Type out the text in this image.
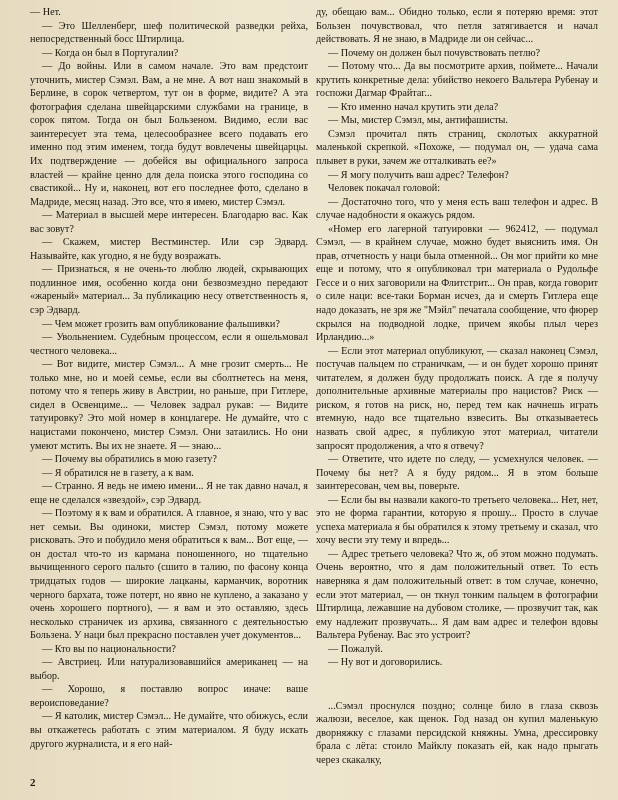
— Нет.

— Это Шелленберг, шеф политической разведки рейха, непосредственный босс Штирлица.

— Когда он был в Португалии?

— До войны. Или в самом начале. Это вам предстоит уточнить, мистер Сэмэл. Вам, а не мне. А вот наш знакомый в Берлине, в сорок четвертом, тут он в форме, видите? А эта фотография сделана швейцарскими службами на границе, в сорок пятом. Тогда он был Бользеном. Видимо, если вас заинтересует эта тема, целесообразнее всего подавать его именно под этим именем, тогда будут вовлечены швейцарцы. Их подтверждение — добейся вы официального запроса властей — крайне ценно для дела поиска этого господина со свастикой... Ну и, наконец, вот его последнее фото, сделано в Мадриде, месяц назад. Это все, что я имею, мистер Сэмэл.

— Материал в высшей мере интересен. Благодарю вас. Как вас зовут?

— Скажем, мистер Вестминстер. Или сэр Эдвард. Называйте, как угодно, я не буду возражать.

— Признаться, я не очень-то люблю людей, скрывающих подлинное имя, особенно когда они безвозмездно передают «жареный» материал... За публикацию несу ответственность я, сэр Эдвард.

— Чем может грозить вам опубликование фальшивки?

— Увольнением. Судебным процессом, если я ошельмовал честного человека...

— Вот видите, мистер Сэмэл... А мне грозит смерть... Не только мне, но и моей семье, если вы сболтнетесь на меня, потому что я теперь живу в Австрии, но раньше, при Гитлере, сидел в Освенциме... — Человек задрал рукав: — Видите татуировку? Это мой номер в концлагере. Не думайте, что с нацистами покончено, мистер Сэмэл. Они затаились. Но они умеют мстить. Вы их не знаете. Я — знаю...

— Почему вы обратились в мою газету?

— Я обратился не в газету, а к вам.

— Странно. Я ведь не имею имени... Я не так давно начал, я еще не сделался «звездой», сэр Эдвард.

— Поэтому я к вам и обратился. А главное, я знаю, что у вас нет семьи. Вы одиноки, мистер Сэмэл, потому можете рисковать. Это и побудило меня обратиться к вам... Вот еще, — он достал что-то из кармана поношенного, но тщательно вычищенного серого пальто (сшито в талию, по фасону конца тридцатых годов — широкие лацканы, карманчик, воротник черного бархата, тоже потерт, но явно не куплено, а заказано у очень хорошего портного), — я вам и это оставляю, здесь несколько страничек из архива, связанного с деятельностью Бользена. У наци был прекрасно поставлен учет документов...

— Кто вы по национальности?

— Австриец. Или натурализовавшийся американец — на выбор.

— Хорошо, я поставлю вопрос иначе: ваше вероисповедание?

— Я католик, мистер Сэмэл... Не думайте, что обижусь, если вы откажетесь работать с этим материалом. Я буду искать другого журналиста, и я его най-

ду, обещаю вам... Обидно только, если я потеряю время: этот Бользен почувствовал, что петля затягивается и начал действовать. Я не знаю, в Мадриде ли он сейчас...

— Почему он должен был почувствовать петлю?

— Потому что... Да вы посмотрите архив, поймете... Начали крутить конкретные дела: убийство некоего Вальтера Рубенау и госпожи Дагмар Фрайтаг...

— Кто именно начал крутить эти дела?

— Мы, мистер Сэмэл, мы, антифашисты.

Сэмэл прочитал пять страниц, сколотых аккуратной маленькой скрепкой. «Похоже, — подумал он, — удача сама плывет в руки, зачем же отталкивать ее?»

— Я могу получить ваш адрес? Телефон?

Человек покачал головой:

— Достаточно того, что у меня есть ваш телефон и адрес. В случае надобности я окажусь рядом.

«Номер его лагерной татуировки — 962412, — подумал Сэмэл, — в крайнем случае, можно будет выяснить имя. Он прав, отчетность у наци была отменной... Он мог прийти ко мне еще и потому, что я опубликовал три материала о Рудольфе Гессе и о них заговорили на Флитстрит... Он прав, когда говорит о силе наци: все-таки Борман исчез, да и смерть Гитлера еще надо доказать, не зря же "Мэйл" печатала сообщение, что фюрер скрылся на подводной лодке, причем якобы плыл через Ирландию...»

— Если этот материал опубликуют, — сказал наконец Сэмэл, постучав пальцем по страничкам, — и он будет хорошо принят читателем, я должен буду продолжать поиск. А где я получу дополнительные архивные материалы про нацистов? Риск — риском, я готов на риск, но, перед тем как начнешь играть втемную, надо все тщательно взвесить. Вы отказываетесь назвать свой адрес, я публикую этот материал, читатели запросят продолжения, а что я отвечу?

— Ответите, что идете по следу, — усмехнулся человек. — Почему бы нет? А я буду рядом... Я в этом больше заинтересован, чем вы, поверьте.

— Если бы вы назвали какого-то третьего человека... Нет, нет, это не форма гарантии, которую я прошу... Просто в случае успеха материала я бы обратился к этому третьему и сказал, что хочу вести эту тему и впредь...

— Адрес третьего человека? Что ж, об этом можно подумать. Очень вероятно, что я дам положительный ответ. То есть наверняка я дам положительный ответ: в том случае, конечно, если этот материал, — он ткнул тонким пальцем в фотографии Штирлица, лежавшие на дубовом столике, — прозвучит так, как ему надлежит прозвучать... Я дам вам адрес и телефон вдовы Вальтера Рубенау. Вас это устроит?

— Пожалуй.

— Ну вот и договорились.

...Сэмэл проснулся поздно; солнце било в глаза сквозь жалюзи, веселое, как щенок. Год назад он купил маленькую дворняжку с глазами персидской княжны. Умна, дрессировку брала с лёта: стоило Майклу показать ей, как надо прыгать через скакалку,

2
